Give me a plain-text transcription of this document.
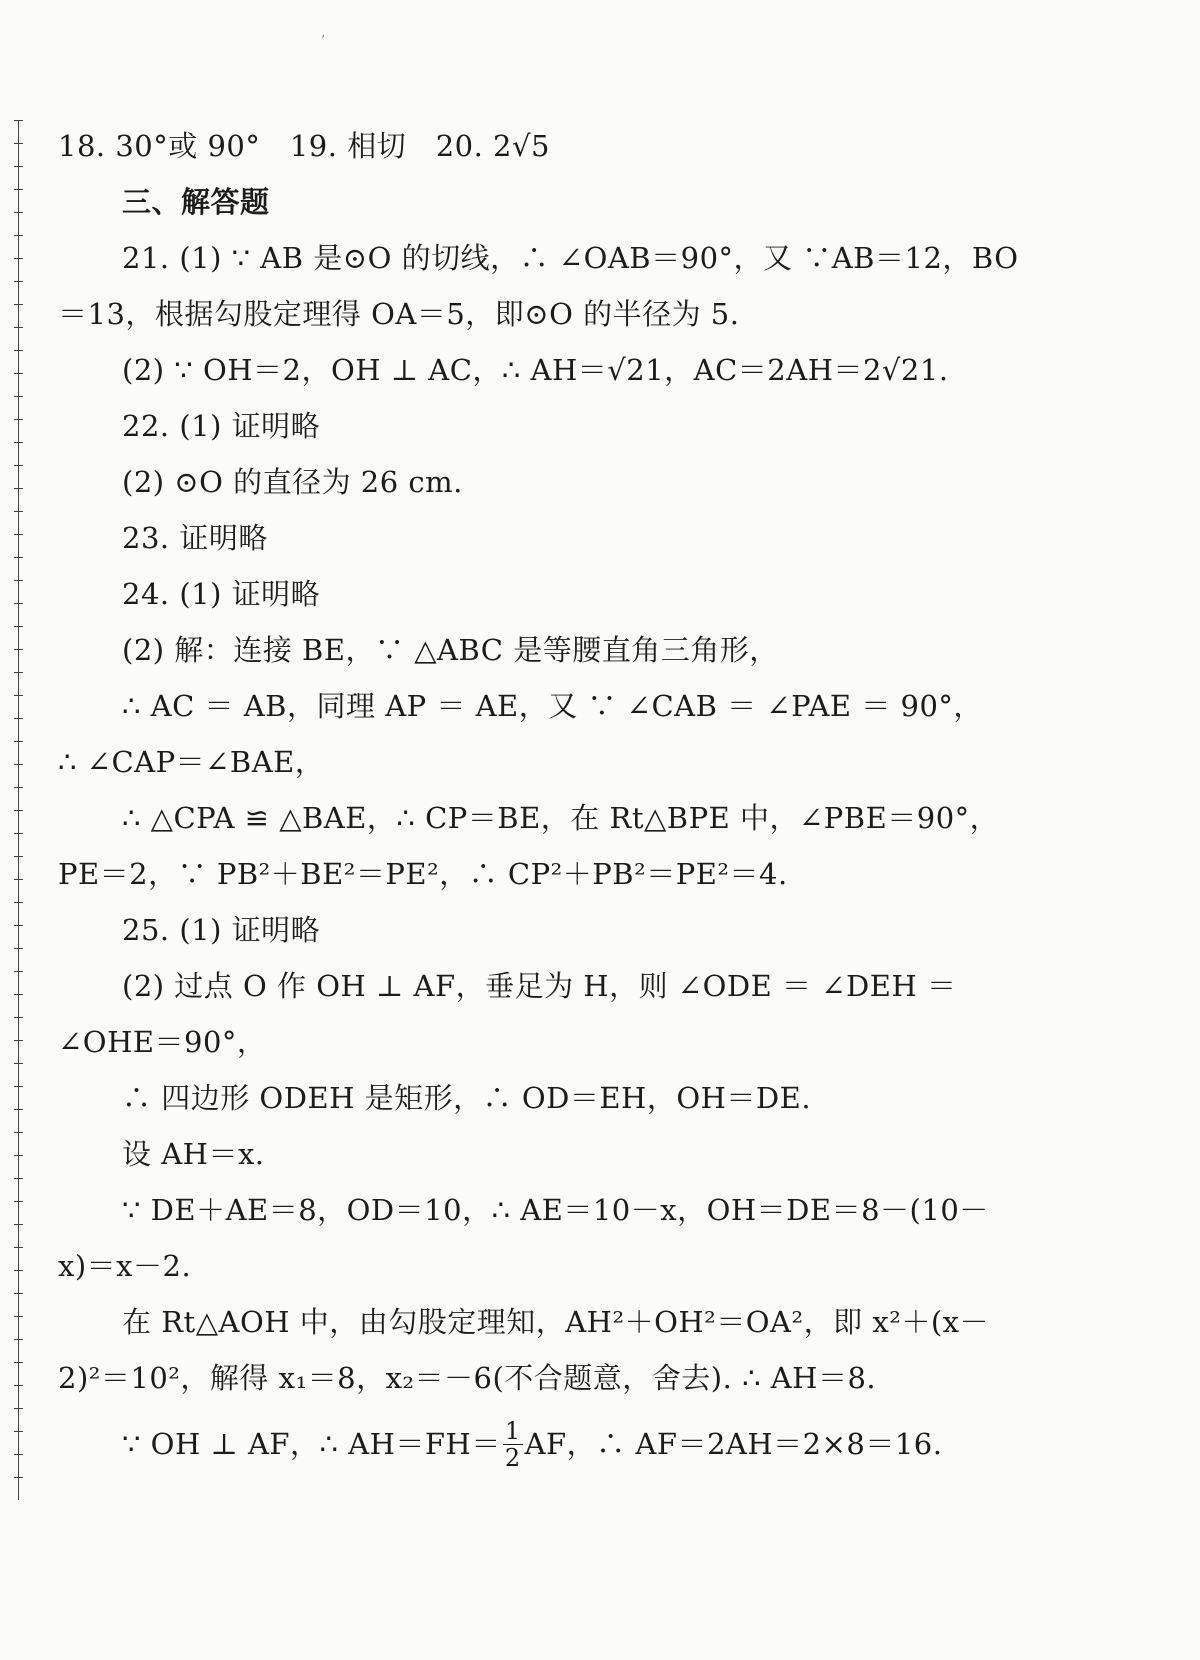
ˊ
18. 30°或 90°　19. 相切　20. 2√5
三、解答题
21. (1) ∵ AB 是⊙O 的切线，∴ ∠OAB＝90°，又 ∵AB＝12，BO
＝13，根据勾股定理得 OA＝5，即⊙O 的半径为 5.
(2) ∵ OH＝2，OH ⊥ AC，∴ AH＝√21，AC＝2AH＝2√21.
22. (1) 证明略
(2) ⊙O 的直径为 26 cm.
23. 证明略
24. (1) 证明略
(2) 解：连接 BE，∵ △ABC 是等腰直角三角形，
∴ AC ＝ AB，同理 AP ＝ AE，又 ∵ ∠CAB ＝ ∠PAE ＝ 90°，
∴ ∠CAP＝∠BAE，
∴ △CPA ≌ △BAE，∴ CP＝BE，在 Rt△BPE 中，∠PBE＝90°，
PE＝2，∵ PB²＋BE²＝PE²，∴ CP²＋PB²＝PE²＝4.
25. (1) 证明略
(2) 过点 O 作 OH ⊥ AF，垂足为 H，则 ∠ODE ＝ ∠DEH ＝
∠OHE＝90°，
∴ 四边形 ODEH 是矩形，∴ OD＝EH，OH＝DE.
设 AH＝x.
∵ DE＋AE＝8，OD＝10，∴ AE＝10－x，OH＝DE＝8－(10－
x)＝x－2.
在 Rt△AOH 中，由勾股定理知，AH²＋OH²＝OA²，即 x²＋(x－
2)²＝10²，解得 x₁＝8，x₂＝－6(不合题意，舍去). ∴ AH＝8.
∵ OH ⊥ AF，∴ $AH=FH= \frac{1}{2}$ AF，∴ AF＝2AH＝2×8＝16.
